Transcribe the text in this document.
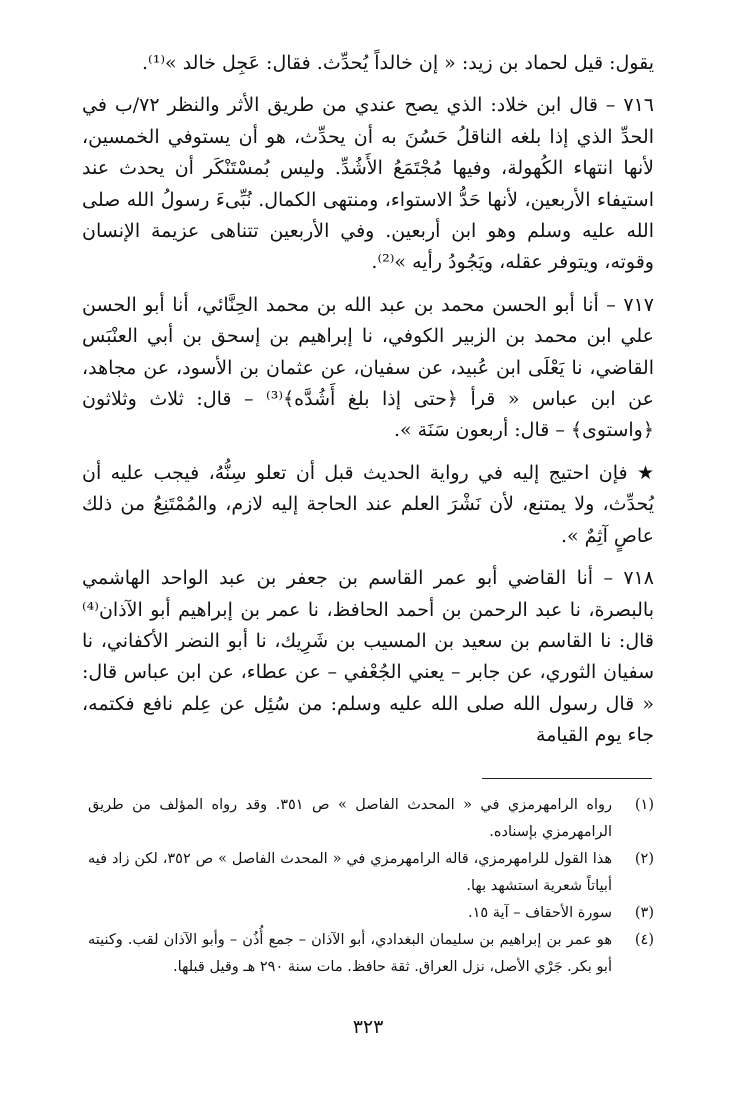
يقول: قيل لحماد بن زيد: « إن خالداً يُحدِّث. فقال: عَجِل خالد »⁽¹⁾.

٧١٦ – قال ابن خلاد: الذي يصح عندي من طريق الأثر والنظر ٧٢/ب في الحدِّ الذي إذا بلغه الناقلُ حَسُنَ به أن يحدِّث، هو أن يستوفي الخمسين، لأنها انتهاء الكُهولة، وفيها مُجْتَمَعُ الأَشُدِّ. وليس بُمسْتَنْكَر أن يحدث عند استيفاء الأربعين، لأنها حَدُّ الاستواء، ومنتهى الكمال. نُبِّىءَ رسولُ الله صلى الله عليه وسلم وهو ابن أربعين. وفي الأربعين تتناهى عزيمة الإنسان وقوته، ويتوفر عقله، ويَجُودُ رأيه »⁽²⁾.

٧١٧ – أنا أبو الحسن محمد بن عبد الله بن محمد الحِنَّائي، أنا أبو الحسن علي ابن محمد بن الزبير الكوفي، نا إبراهيم بن إسحق بن أبي العنْبَس القاضي، نا يَعْلَى ابن عُبيد، عن سفيان، عن عثمان بن الأسود، عن مجاهد، عن ابن عباس « قرأ ﴿حتى إذا بلغ أَشُدَّه﴾⁽³⁾ – قال: ثلاث وثلاثون ﴿واستوى﴾ – قال: أربعون سَنَة ».

★ فإن احتيج إليه في رواية الحديث قبل أن تعلو سِنُّهُ، فيجب عليه أن يُحدِّث، ولا يمتنع، لأن نَشْرَ العلم عند الحاجة إليه لازم، والمُمْتَنِعُ من ذلك عاصٍ آثِمٌ ».

٧١٨ – أنا القاضي أبو عمر القاسم بن جعفر بن عبد الواحد الهاشمي بالبصرة، نا عبد الرحمن بن أحمد الحافظ، نا عمر بن إبراهيم أبو الآذان⁽⁴⁾ قال: نا القاسم بن سعيد بن المسيب بن شَرِيك، نا أبو النضر الأكفاني، نا سفيان الثوري، عن جابر – يعني الجُعْفي – عن عطاء، عن ابن عباس قال: « قال رسول الله صلى الله عليه وسلم: من سُئِل عن عِلم نافع فكتمه، جاء يوم القيامة

(١)
رواه الرامهرمزي في « المحدث الفاصل » ص ٣٥١. وقد رواه المؤلف من طريق الرامهرمزي بإسناده.
(٢)
هذا القول للرامهرمزي، قاله الرامهرمزي في « المحدث الفاصل » ص ٣٥٢، لكن زاد فيه أبياتاً شعرية استشهد بها.
(٣)
سورة الأحقاف – آية ١٥.
(٤)
هو عمر بن إبراهيم بن سليمان البغدادي، أبو الآذان – جمع أُذُن – وأبو الآذان لقب. وكنيته أبو بكر. جَرْي الأصل، نزل العراق. ثقة حافظ. مات سنة ٢٩٠ هـ وقيل قبلها.
٣٢٣
